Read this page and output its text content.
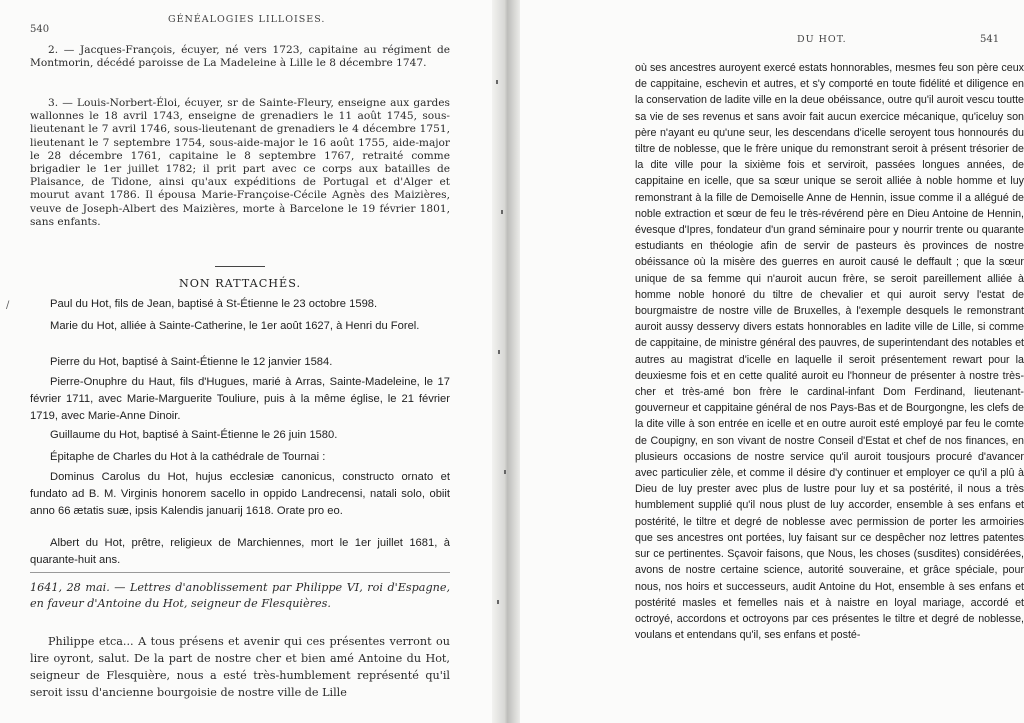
540
GÉNÉALOGIES LILLOISES.

2. — Jacques-François, écuyer, né vers 1723, capitaine au régiment de Montmorin, décédé paroisse de La Madeleine à Lille le 8 décembre 1747.

3. — Louis-Norbert-Éloi, écuyer, sr de Sainte-Fleury, enseigne aux gardes wallonnes le 18 avril 1743, enseigne de grenadiers le 11 août 1745, sous-lieutenant le 7 avril 1746, sous-lieutenant de grenadiers le 4 décembre 1751, lieutenant le 7 septembre 1754, sous-aide-major le 16 août 1755, aide-major le 28 décembre 1761, capitaine le 8 septembre 1767, retraité comme brigadier le 1er juillet 1782; il prit part avec ce corps aux batailles de Plaisance, de Tidone, ainsi qu'aux expéditions de Portugal et d'Alger et mourut avant 1786. Il épousa Marie-Françoise-Cécile Agnès des Maizières, veuve de Joseph-Albert des Maizières, morte à Barcelone le 19 février 1801, sans enfants.

NON RATTACHÉS.

Paul du Hot, fils de Jean, baptisé à St-Étienne le 23 octobre 1598.

Marie du Hot, alliée à Sainte-Catherine, le 1er août 1627, à Henri du Forel.

Pierre du Hot, baptisé à Saint-Étienne le 12 janvier 1584.

Pierre-Onuphre du Haut, fils d'Hugues, marié à Arras, Sainte-Madeleine, le 17 février 1711, avec Marie-Marguerite Touliure, puis à la même église, le 21 février 1719, avec Marie-Anne Dinoir.

Guillaume du Hot, baptisé à Saint-Étienne le 26 juin 1580.

Épitaphe de Charles du Hot à la cathédrale de Tournai :

Dominus Carolus du Hot, hujus ecclesiæ canonicus, constructo ornato et fundato ad B. M. Virginis honorem sacello in oppido Landrecensi, natali solo, obiit anno 66 ætatis suæ, ipsis Kalendis januarij 1618. Orate pro eo.

Albert du Hot, prêtre, religieux de Marchiennes, mort le 1er juillet 1681, à quarante-huit ans.

1641, 28 mai. — Lettres d'anoblissement par Philippe VI, roi d'Espagne, en faveur d'Antoine du Hot, seigneur de Flesquières.

Philippe etca... A tous présens et avenir qui ces présentes verront ou lire oyront, salut. De la part de nostre cher et bien amé Antoine du Hot, seigneur de Flesquière, nous a esté très-humblement représenté qu'il seroit issu d'ancienne bourgoisie de nostre ville de Lille

/
DU HOT.	541

où ses ancestres auroyent exercé estats honnorables, mesmes feu son père ceux de cappitaine, eschevin et autres, et s'y comporté en toute fidélité et diligence en la conservation de ladite ville en la deue obéissance, outre qu'il auroit vescu toutte sa vie de ses revenus et sans avoir fait aucun exercice mécanique, qu'iceluy son père n'ayant eu qu'une seur, les descendans d'icelle seroyent tous honnourés du tiltre de noblesse, que le frère unique du remonstrant seroit à présent trésorier de la dite ville pour la sixième fois et serviroit, passées longues années, de cappitaine en icelle, que sa sœur unique se seroit alliée à noble homme et luy remonstrant à la fille de Demoiselle Anne de Hennin, issue comme il a allégué de noble extraction et sœur de feu le très-révérend père en Dieu Antoine de Hennin, évesque d'Ipres, fondateur d'un grand séminaire pour y nourrir trente ou quarante estudiants en théologie afin de servir de pasteurs ès provinces de nostre obéissance où la misère des guerres en auroit causé le deffault ; que la sœur unique de sa femme qui n'auroit aucun frère, se seroit pareillement alliée à homme noble honoré du tiltre de chevalier et qui auroit servy l'estat de bourgmaistre de nostre ville de Bruxelles, à l'exemple desquels le remonstrant auroit aussy desservy divers estats honnorables en ladite ville de Lille, si comme de cappitaine, de ministre général des pauvres, de superintendant des notables et autres au magistrat d'icelle en laquelle il seroit présentement rewart pour la deuxiesme fois et en cette qualité auroit eu l'honneur de présenter à nostre très-cher et très-amé bon frère le cardinal-infant Dom Ferdinand, lieutenant-gouverneur et cappitaine général de nos Pays-Bas et de Bourgongne, les clefs de la dite ville à son entrée en icelle et en outre auroit esté employé par feu le comte de Coupigny, en son vivant de nostre Conseil d'Estat et chef de nos finances, en plusieurs occasions de nostre service qu'il auroit tousjours procuré d'avancer avec particulier zèle, et comme il désire d'y continuer et employer ce qu'il a plû à Dieu de luy prester avec plus de lustre pour luy et sa postérité, il nous a très humblement supplié qu'il nous plust de luy accorder, ensemble à ses enfans et postérité, le tiltre et degré de noblesse avec permission de porter les armoiries que ses ancestres ont portées, luy faisant sur ce despêcher noz lettres patentes sur ce pertinentes. Sçavoir faisons, que Nous, les choses (susdites) considérées, avons de nostre certaine science, autorité souveraine, et grâce spéciale, pour nous, nos hoirs et successeurs, audit Antoine du Hot, ensemble à ses enfans et postérité masles et femelles nais et à naistre en loyal mariage, accordé et octroyé, accordons et octroyons par ces présentes le tiltre et degré de noblesse, voulans et entendans qu'il, ses enfans et posté-
